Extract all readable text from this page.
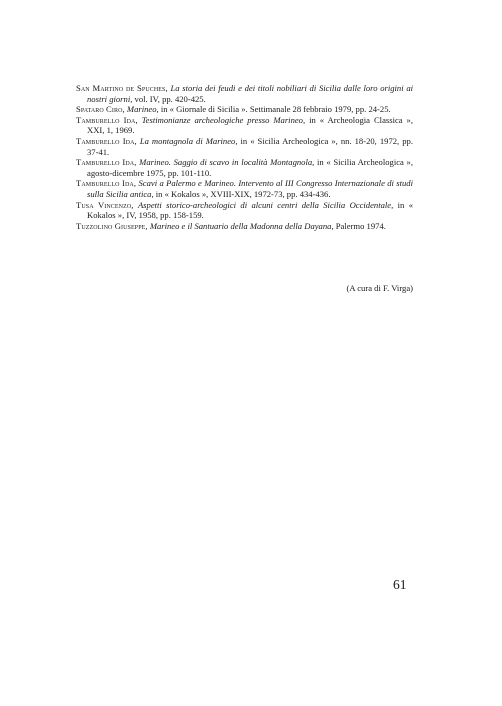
San Martino de Spuches, La storia dei feudi e dei titoli nobiliari di Sicilia dalle loro origini ai nostri giorni, vol. IV, pp. 420-425.
Spataro Ciro, Marineo, in « Giornale di Sicilia ». Settimanale 28 febbraio 1979, pp. 24-25.
Tamburello Ida, Testimonianze archeologiche presso Marineo, in « Archeologia Classica », XXI, 1, 1969.
Tamburello Ida, La montagnola di Marineo, in « Sicilia Archeologica », nn. 18-20, 1972, pp. 37-41.
Tamburello Ida, Marineo. Saggio di scavo in località Montagnola, in « Sicilia Archeologica », agosto-dicembre 1975, pp. 101-110.
Tamburello Ida, Scavi a Palermo e Marineo. Intervento al III Congresso Internazionale di studi sulla Sicilia antica, in « Kokalos », XVIII-XIX, 1972-73, pp. 434-436.
Tusa Vincenzo, Aspetti storico-archeologici di alcuni centri della Sicilia Occidentale, in « Kokalos », IV, 1958, pp. 158-159.
Tuzzolino Giuseppe, Marineo e il Santuario della Madonna della Dayana, Palermo 1974.
(A cura di F. Virga)
61
